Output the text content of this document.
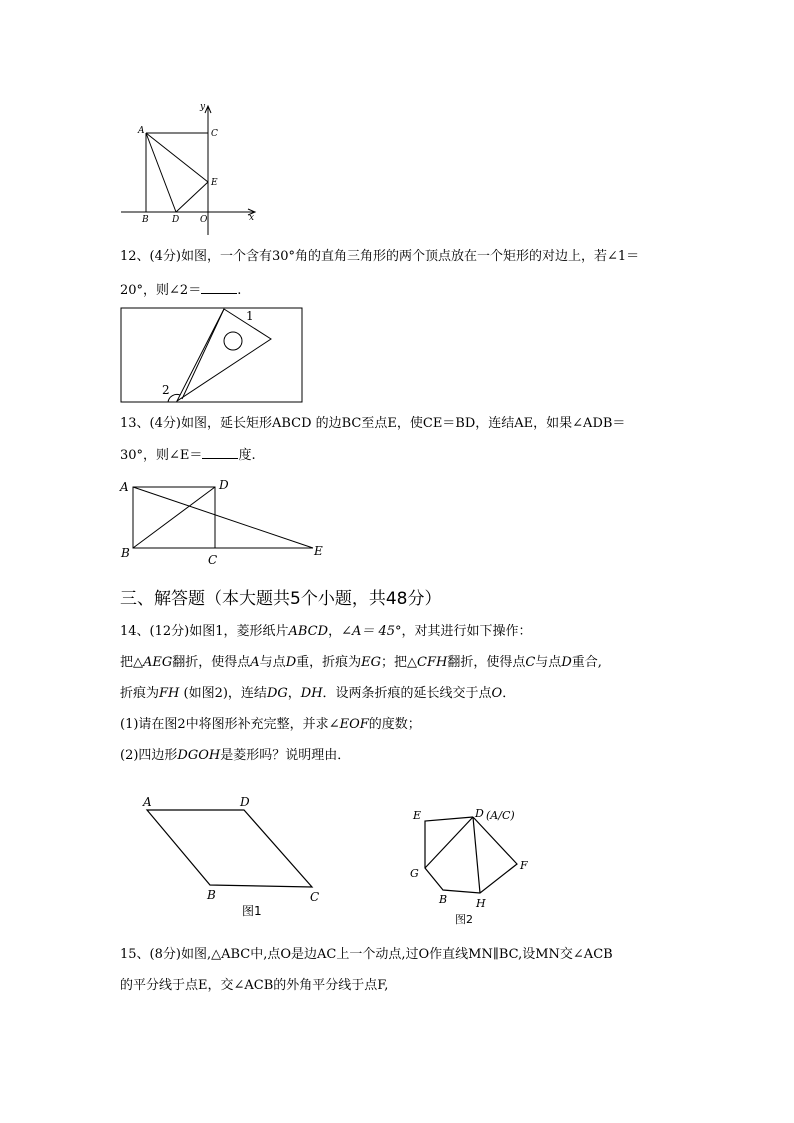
y
x
A	C
E
B	D O
12、(4分)如图，一个含有30°角的直角三角形的两个顶点放在一个矩形的对边上，若∠1＝
20°，则∠2＝	.
1
2
13、(4分)如图，延长矩形ABCD 的边BC至点E，使CE＝BD，连结AE，如果∠ADB＝
30°，则∠E＝	度.
A	D
B	C
E
三、解答题（本大题共5个小题，共48分）
14、(12分)如图1，菱形纸片ABCD，∠A＝ 45°，对其进行如下操作：
把△AEG翻折，使得点A与点D重，折痕为EG；把△CFH翻折，使得点C与点D重合,
折痕为FH (如图2)，连结DG，DH．设两条折痕的延长线交于点O．
(1)请在图2中将图形补充完整，并求∠EOF的度数；
(2)四边形DGOH是菱形吗？说明理由．
A	D
B	C
图1
E	D (A/C)
G
F
B	H
图2
15、(8分)如图,△ABC中,点O是边AC上一个动点,过O作直线MN∥BC,设MN交∠ACB
的平分线于点E，交∠ACB的外角平分线于点F,
